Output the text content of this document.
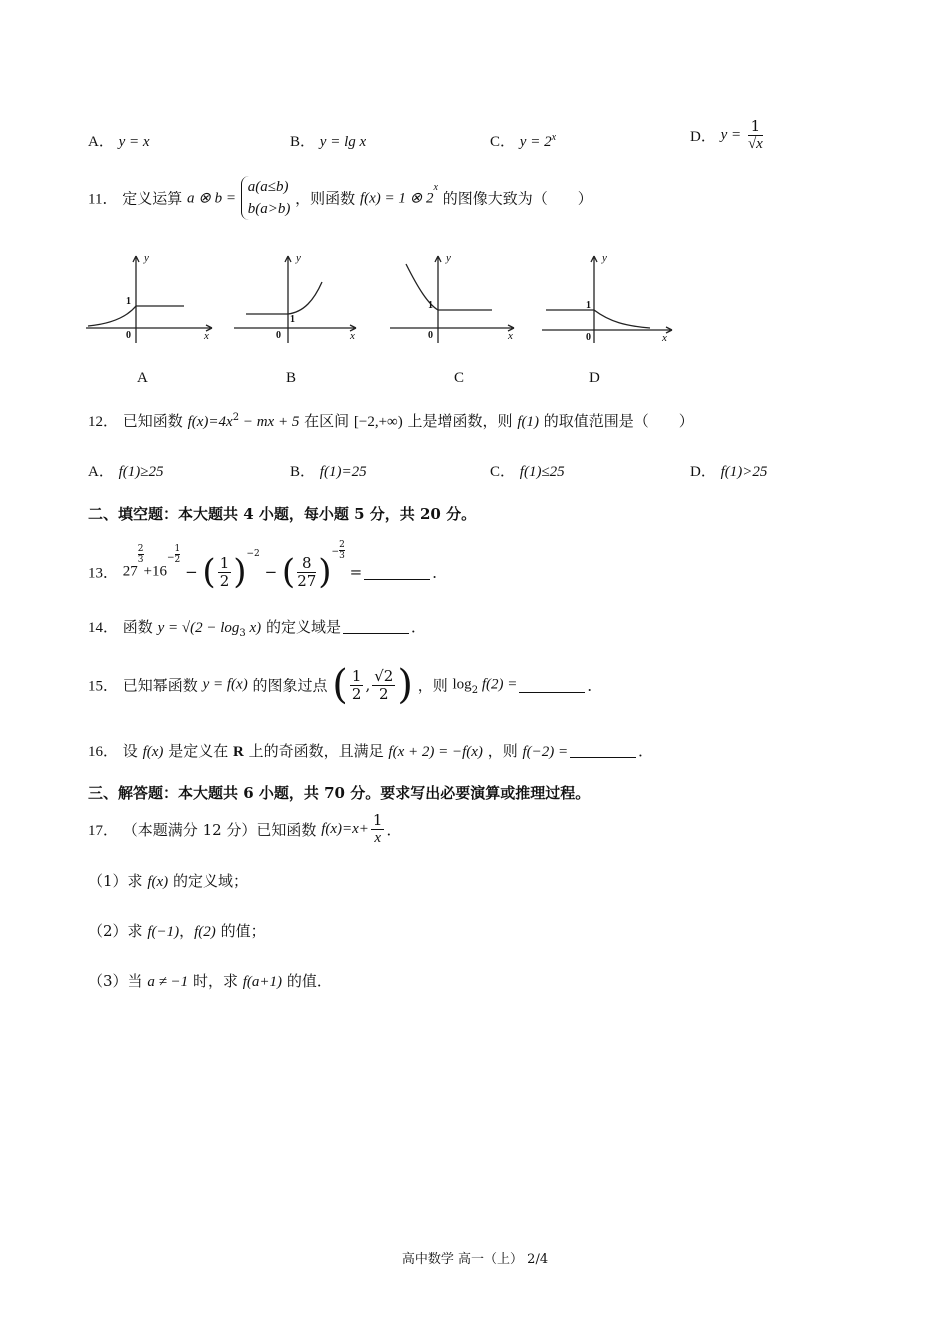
A． y = x	B． y = lg x	C． $y = 2^x$	D． $y = \frac{1}{√x}$
11． 定义运算 a ⊗ b =
a(a≤b)
b(a>b)
，则函数 f(x) = 1 ⊗ 2$^x$ 的图像大致为（　　）
y
x
1
0
y
x
1
0
y
x
1
0
y
x
1
0
A	B	C	D
12． 已知函数 $f(x)=4x^2$ − mx + 5 在区间 [−2,+∞) 上是增函数，则 f(1) 的取值范围是（　　）
A． f(1)≥25	B． f(1)=25	C． f(1)≤25	D． f(1)>25
二、填空题：本大题共 4 小题，每小题 5 分，共 20 分。
13． 27
$\frac{2}{3}$
$+16^- \frac{1}{2}$
− ( $\frac{1}{2} )^{-2}$ − ( $\frac{8}{27} )^- \frac{2}{3}$
=	．
14． 函数 $y = √(2 - \log_3 x)$ 的定义域是	．
15． 已知幂函数 y = f(x) 的图象过点 ( $\frac{1}{2}$ , $\frac{√2}{2}$ ) ，则 $\log_2 f(2)$ =	．
16． 设 f(x) 是定义在 R 上的奇函数，且满足 f(x + 2) = −f(x) ，则 f(−2) =	．
三、解答题：本大题共 6 小题，共 70 分。要求写出必要演算或推理过程。
17． （本题满分 12 分）已知函数 $f(x)=x+ \frac{1}{x}$ ．
（1）求 f(x) 的定义域；
（2）求 f(−1)，f(2) 的值；
（3）当 a ≠ −1 时，求 f(a+1) 的值．
高中数学 高一（上） 2/4
